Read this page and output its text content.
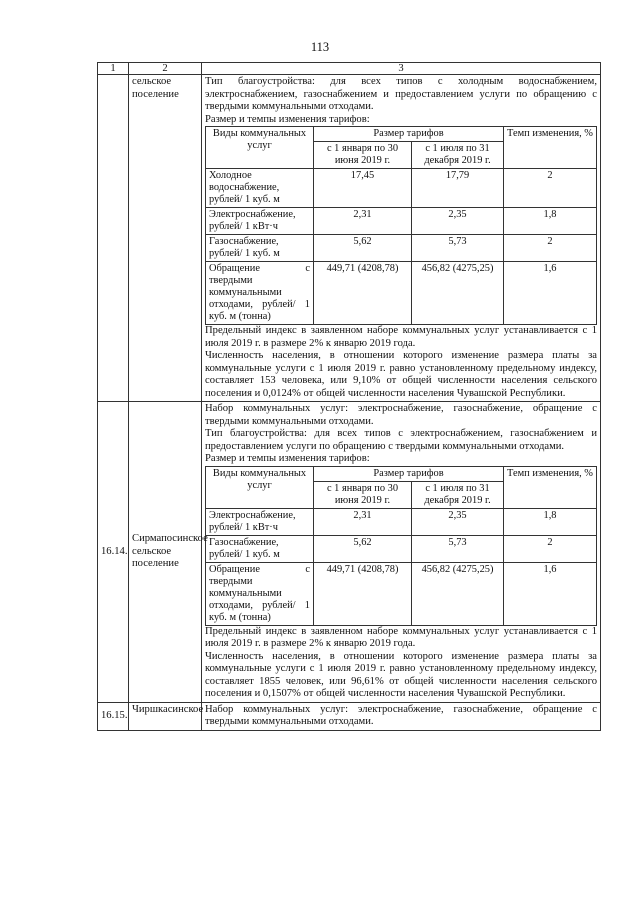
113
1	2	3
	сельское поселение	
Тип благоустройства: для всех типов с холодным водоснабжением, электроснабжением, газоснабжением и предоставлением услуги по обращению с твердыми коммунальными отходами.
Размер и темпы изменения тарифов:
Виды коммунальных услуг	Размер тарифов	Темп изменения, %
с 1 января по 30 июня 2019 г.	с 1 июля по 31 декабря 2019 г.
Холодное водоснабжение, рублей/ 1 куб. м	17,45	17,79	2
Электроснабжение, рублей/ 1 кВт·ч	2,31	2,35	1,8
Газоснабжение, рублей/ 1 куб. м	5,62	5,73	2
Обращение с твердыми коммунальными отходами, рублей/ 1 куб. м (тонна)	449,71 (4208,78)	456,82 (4275,25)	1,6
Предельный индекс в заявленном наборе коммунальных услуг устанавливается с 1 июля 2019 г. в размере 2% к январю 2019 года.
Численность населения, в отношении которого изменение размера платы за коммунальные услуги с 1 июля 2019 г. равно установленному предельному индексу, составляет 153 человека, или 9,10% от общей численности населения сельского поселения и 0,0124% от общей численности населения Чувашской Республики.

16.14.	Сирмапосинское сельское поселение	
Набор коммунальных услуг: электроснабжение, газоснабжение, обращение с твердыми коммунальными отходами.
Тип благоустройства: для всех типов с электроснабжением, газоснабжением и предоставлением услуги по обращению с твердыми коммунальными отходами.
Размер и темпы изменения тарифов:
Виды коммунальных услуг	Размер тарифов	Темп изменения, %
с 1 января по 30 июня 2019 г.	с 1 июля по 31 декабря 2019 г.
Электроснабжение, рублей/ 1 кВт·ч	2,31	2,35	1,8
Газоснабжение, рублей/ 1 куб. м	5,62	5,73	2
Обращение с твердыми коммунальными отходами, рублей/ 1 куб. м (тонна)	449,71 (4208,78)	456,82 (4275,25)	1,6
Предельный индекс в заявленном наборе коммунальных услуг устанавливается с 1 июля 2019 г. в размере 2% к январю 2019 года.
Численность населения, в отношении которого изменение размера платы за коммунальные услуги с 1 июля 2019 г. равно установленному предельному индексу, составляет 1855 человек, или 96,61% от общей численности населения сельского поселения и 0,1507% от общей численности населения Чувашской Республики.

16.15.	Чиршкасинское	Набор коммунальных услуг: электроснабжение, газоснабжение, обращение с твердыми коммунальными отходами.
